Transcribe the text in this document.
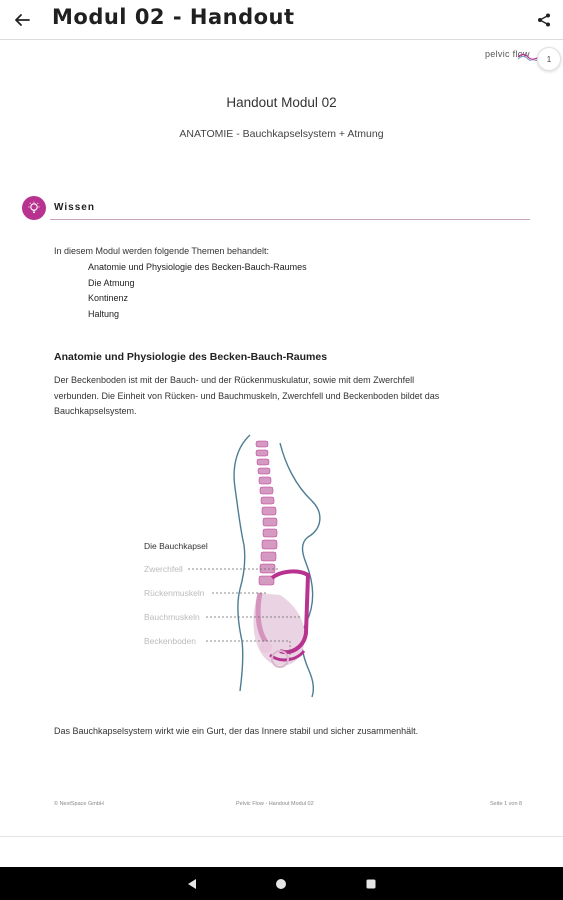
Modul 02 - Handout
pelvic flow	1
Handout Modul 02
ANATOMIE - Bauchkapselsystem + Atmung
Wissen
In diesem Modul werden folgende Themen behandelt:
Anatomie und Physiologie des Becken-Bauch-Raumes
Die Atmung
Kontinenz
Haltung
Anatomie und Physiologie des Becken-Bauch-Raumes
Der Beckenboden ist mit der Bauch- und der Rückenmuskulatur, sowie mit dem Zwerchfell
verbunden. Die Einheit von Rücken- und Bauchmuskeln, Zwerchfell und Beckenboden bildet das
Bauchkapselsystem.
Die Bauchkapsel
Zwerchfell
Rückenmuskeln
Bauchmuskeln
Beckenboden
Das Bauchkapselsystem wirkt wie ein Gurt, der das Innere stabil und sicher zusammenhält.
© NextSpace GmbH	Pelvic Flow - Handout Modul 02	Seite 1 von 8
